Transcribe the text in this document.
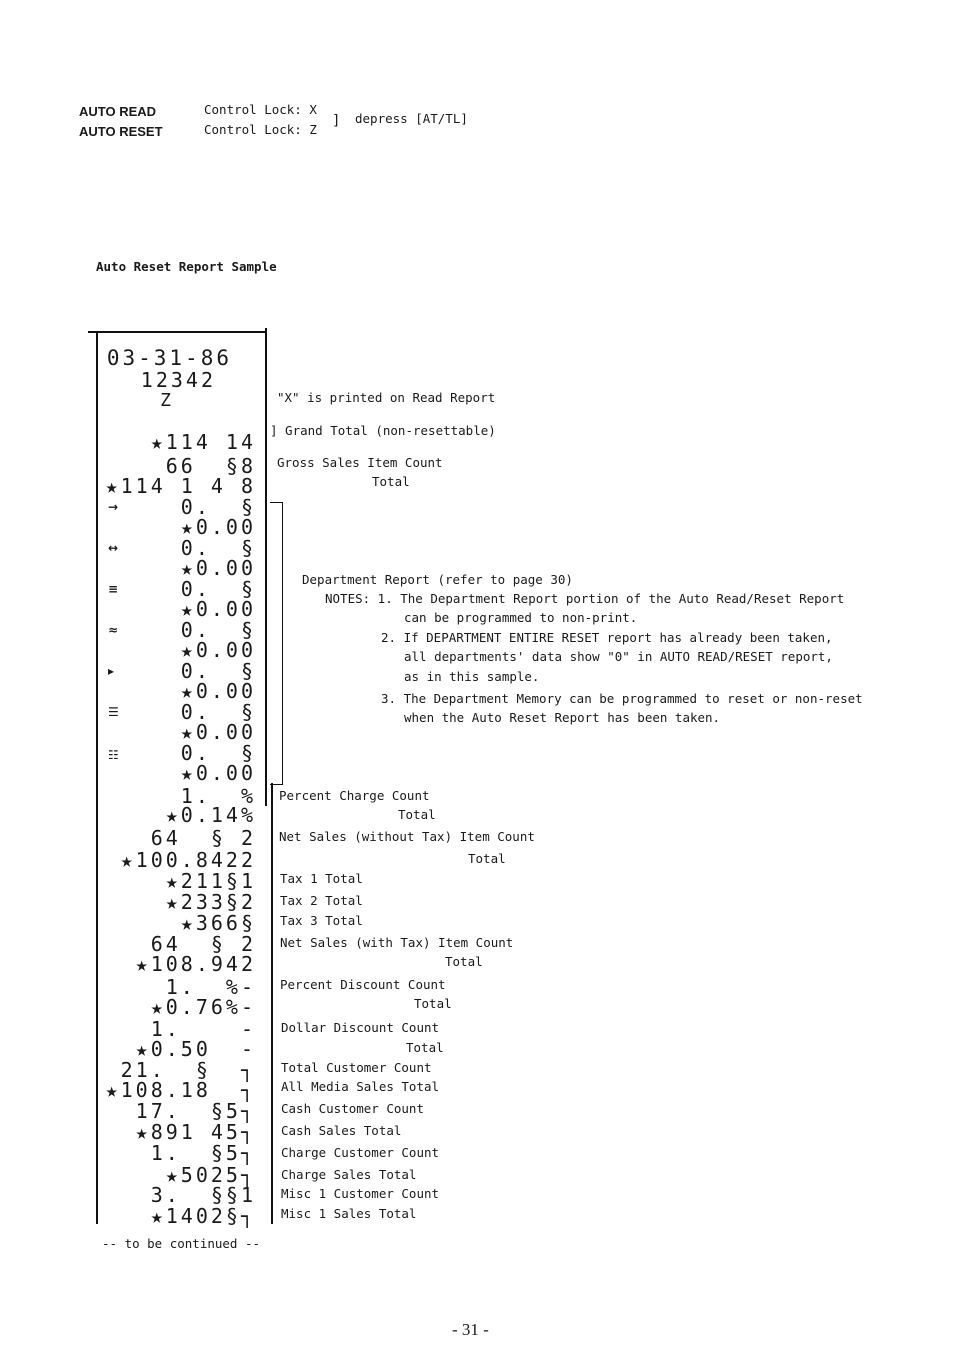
AUTO READ	Control Lock: X
AUTO RESET	Control Lock: Z
] depress [AT/TL]
Auto Reset Report Sample
03-31-86
12342
Z
★114 14
66  §8
★114 1 4 8
0.  §
★0.00
0.  §
★0.00
0.  §
★0.00
0.  §
★0.00
0.  §
★0.00
0.  §
★0.00
0.  §
★0.00
1.  %
★0.14%
64  § 2
★100.8422
★211§1
★233§2
★366§
64  § 2
★108.942
1.  %-
★0.76%-
1.    -
★0.50  -
21.  §  ┐
★108.18  ┐
17.  §5┐
★891 45┐
1.  §5┐
★5025┐
3.  §§1
★1402§┐
→
↔
≡
≈
▸
☰
☷
"X" is printed on Read Report
] Grand Total (non-resettable)
Gross Sales Item Count
Total
Department Report (refer to page 30)
NOTES: 1. The Department Report portion of the Auto Read/Reset Report
can be programmed to non-print.
2. If DEPARTMENT ENTIRE RESET report has already been taken,
all departments' data show "0" in AUTO READ/RESET report,
as in this sample.
3. The Department Memory can be programmed to reset or non-reset
when the Auto Reset Report has been taken.
Percent Charge Count
Total
Net Sales (without Tax) Item Count
Total
Tax 1 Total
Tax 2 Total
Tax 3 Total
Net Sales (with Tax) Item Count
Total
Percent Discount Count
Total
Dollar Discount Count
Total
Total Customer Count
All Media Sales Total
Cash Customer Count
Cash Sales Total
Charge Customer Count
Charge Sales Total
Misc 1 Customer Count
Misc 1 Sales Total
-- to be continued --
- 31 -
